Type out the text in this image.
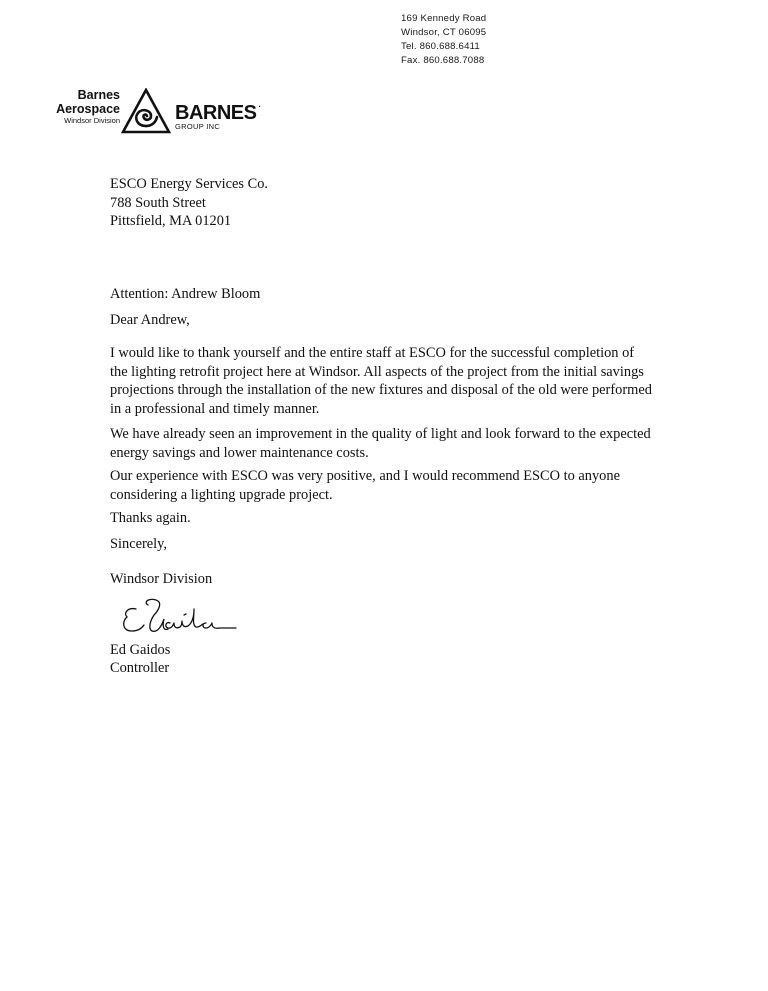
169 Kennedy Road
Windsor, CT 06095
Tel. 860.688.6411
Fax. 860.688.7088
Barnes
Aerospace
Windsor Division	BARNES ·
GROUP INC
ESCO Energy Services Co.
788 South Street
Pittsfield, MA 01201

Attention: Andrew Bloom

Dear Andrew,

I would like to thank yourself and the entire staff at ESCO for the successful completion of the lighting retrofit project here at Windsor. All aspects of the project from the initial savings projections through the installation of the new fixtures and disposal of the old were performed in a professional and timely manner.

We have already seen an improvement in the quality of light and look forward to the expected energy savings and lower maintenance costs.

Our experience with ESCO was very positive, and I would recommend ESCO to anyone considering a lighting upgrade project.

Thanks again.

Sincerely,

Windsor Division

Ed Gaidos

Controller
